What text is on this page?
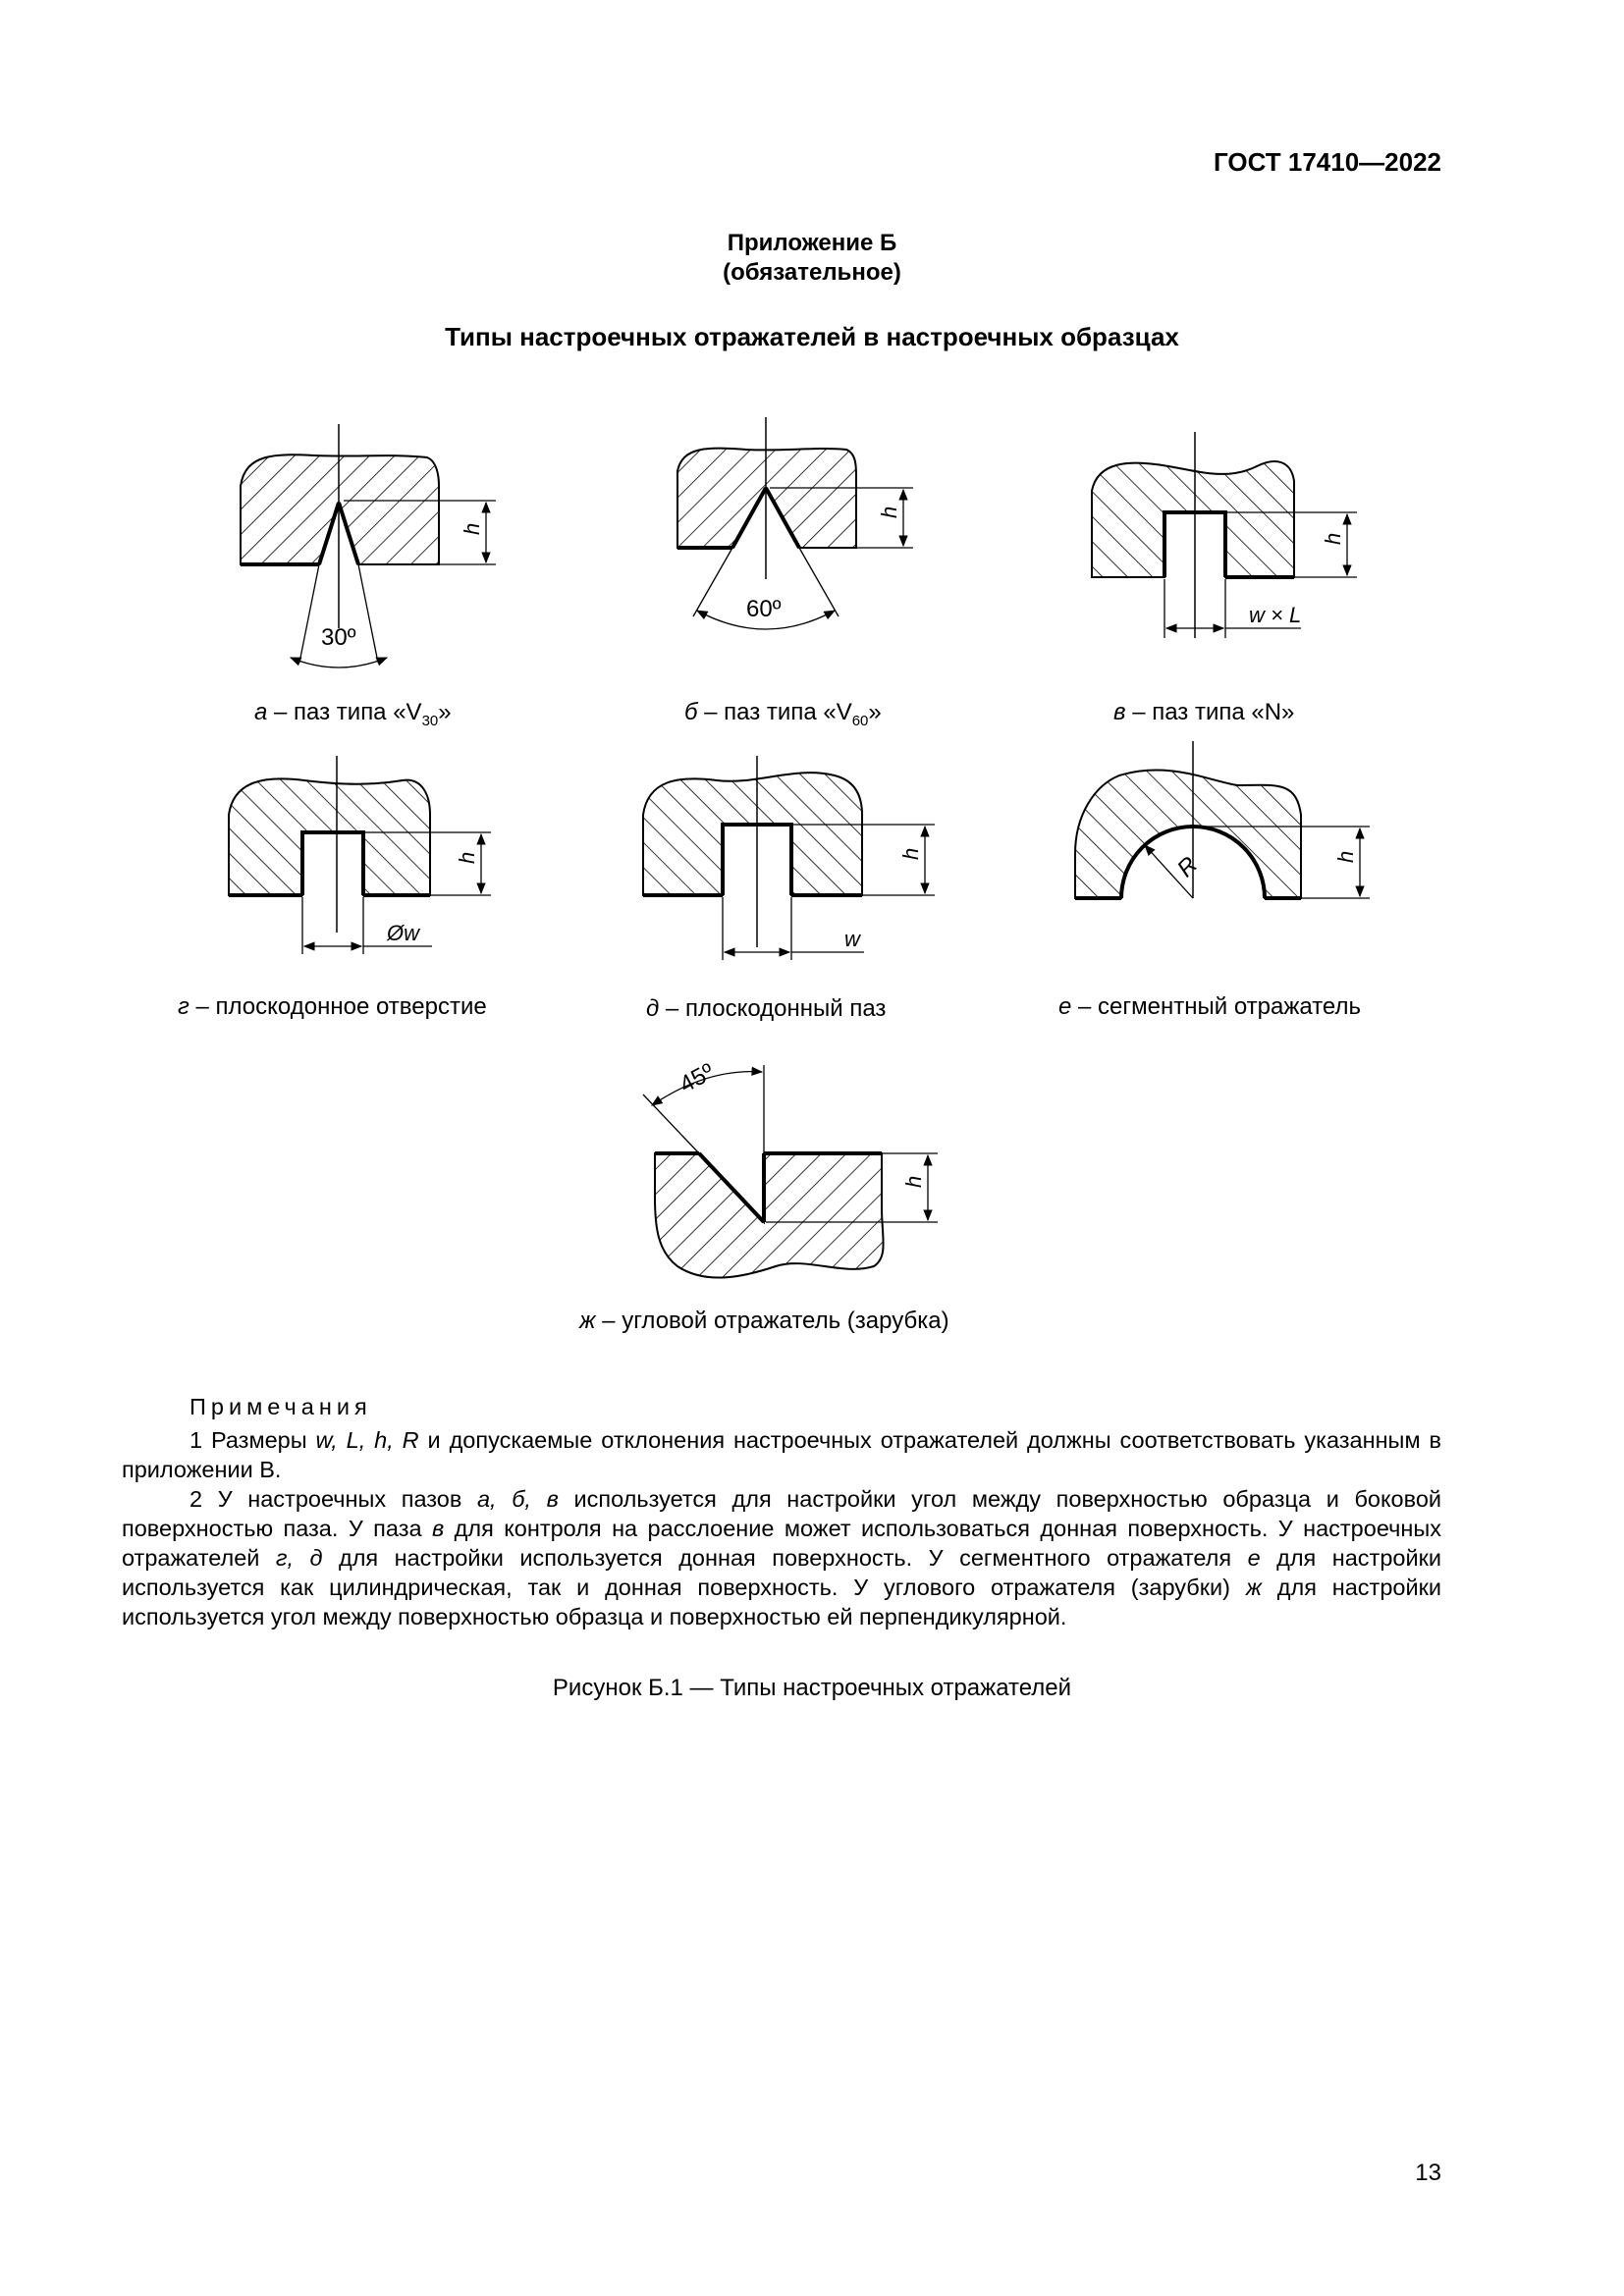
ГОСТ 17410—2022
Приложение Б
(обязательное)
Типы настроечных отражателей в настроечных образцах
h
30º
h
60º
h
w × L
h
Øw
h
w
h
R
h
45º
а – паз типа «$V_{30}$»	б – паз типа «$V_{60}$»	в – паз типа «N»
г – плоскодонное отверстие	д – плоскодонный паз	е – сегментный отражатель
ж – угловой отражатель (зарубка)
Примечания

1 Размеры w, L, h, R и допускаемые отклонения настроечных отражателей должны соответствовать указанным в приложении В.

2 У настроечных пазов а, б, в используется для настройки угол между поверхностью образца и боковой поверхностью паза. У паза в для контроля на расслоение может использоваться донная поверхность. У настроечных отражателей г, д для настройки используется донная поверхность. У сегментного отражателя е для настройки используется как цилиндрическая, так и донная поверхность. У углового отражателя (зарубки) ж для настройки используется угол между поверхностью образца и поверхностью ей перпендикулярной.

Рисунок Б.1 — Типы настроечных отражателей
13
